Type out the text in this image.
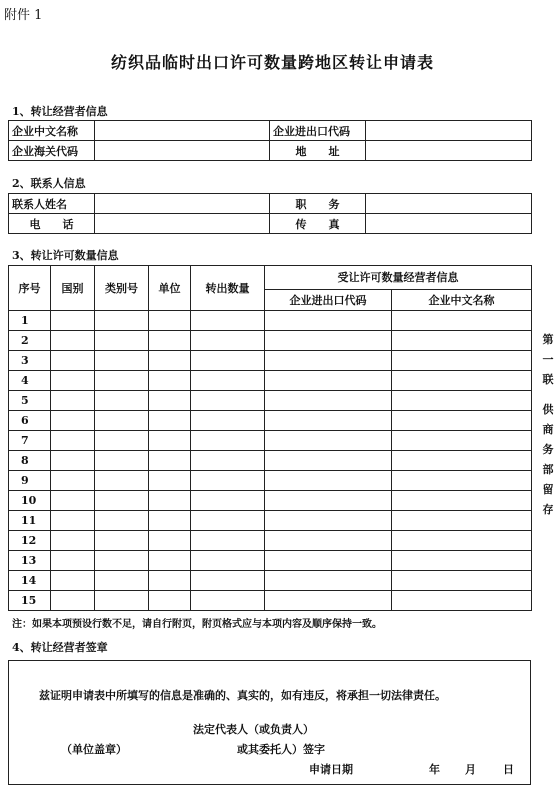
附件 1
纺织品临时出口许可数量跨地区转让申请表
1、转让经营者信息
企业中文名称		企业进出口代码	
企业海关代码		地　　址	
2、联系人信息
联系人姓名		职　　务	
电　　话		传　　真	
3、转让许可数量信息
序号	国别	类别号	单位	转出数量	受让许可数量经营者信息	
					企业进出口代码	企业中文名称
1						
2						
3						
4						
5						
6						
7						
8						
9						
10						
11						
12						
13						
14						
15						
注：如果本项预设行数不足，请自行附页，附页格式应与本项内容及顺序保持一致。
4、转让经营者签章
兹证明申请表中所填写的信息是准确的、真实的，如有违反，将承担一切法律责任。
法定代表人（或负责人）
（单位盖章）	或其委托人）签字
申请日期	年 月 日
第
一
联
供
商
务
部
留
存
